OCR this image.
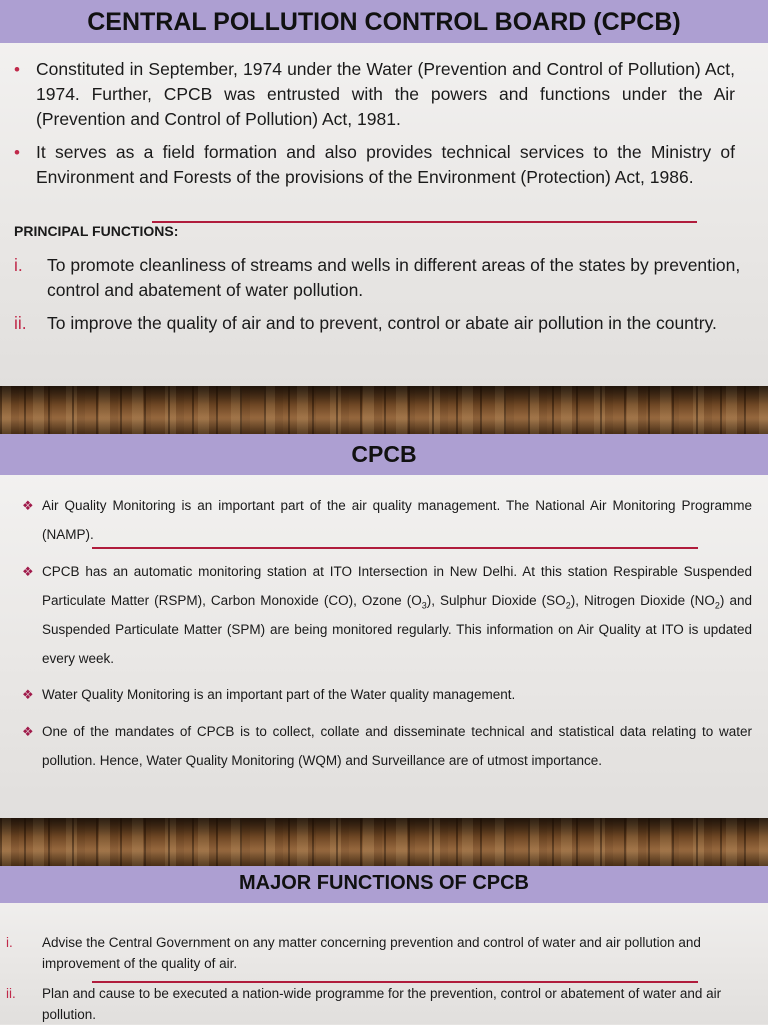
CENTRAL POLLUTION CONTROL BOARD (CPCB)
• Constituted in September, 1974 under the Water (Prevention and Control of Pollution) Act, 1974. Further, CPCB was entrusted with the powers and functions under the Air (Prevention and Control of Pollution) Act, 1981.
• It serves as a field formation and also provides technical services to the Ministry of Environment and Forests of the provisions of the Environment (Protection) Act, 1986.
PRINCIPAL FUNCTIONS:
i. To promote cleanliness of streams and wells in different areas of the states by prevention, control and abatement of water pollution.
ii. To improve the quality of air and to prevent, control or abate air pollution in the country.
CPCB
❖ Air Quality Monitoring is an important part of the air quality management. The National Air Monitoring Programme (NAMP).
❖ CPCB has an automatic monitoring station at ITO Intersection in New Delhi. At this station Respirable Suspended Particulate Matter (RSPM), Carbon Monoxide (CO), Ozone $(O_3)$, Sulphur Dioxide $(SO_2)$, Nitrogen Dioxide $(NO_2)$ and Suspended Particulate Matter (SPM) are being monitored regularly. This information on Air Quality at ITO is updated every week.
❖ Water Quality Monitoring is an important part of the Water quality management.
❖ One of the mandates of CPCB is to collect, collate and disseminate technical and statistical data relating to water pollution. Hence, Water Quality Monitoring (WQM) and Surveillance are of utmost importance.
MAJOR FUNCTIONS OF CPCB
i. Advise the Central Government on any matter concerning prevention and control of water and air pollution and improvement of the quality of air.
ii. Plan and cause to be executed a nation-wide programme for the prevention, control or abatement of water and air pollution.
